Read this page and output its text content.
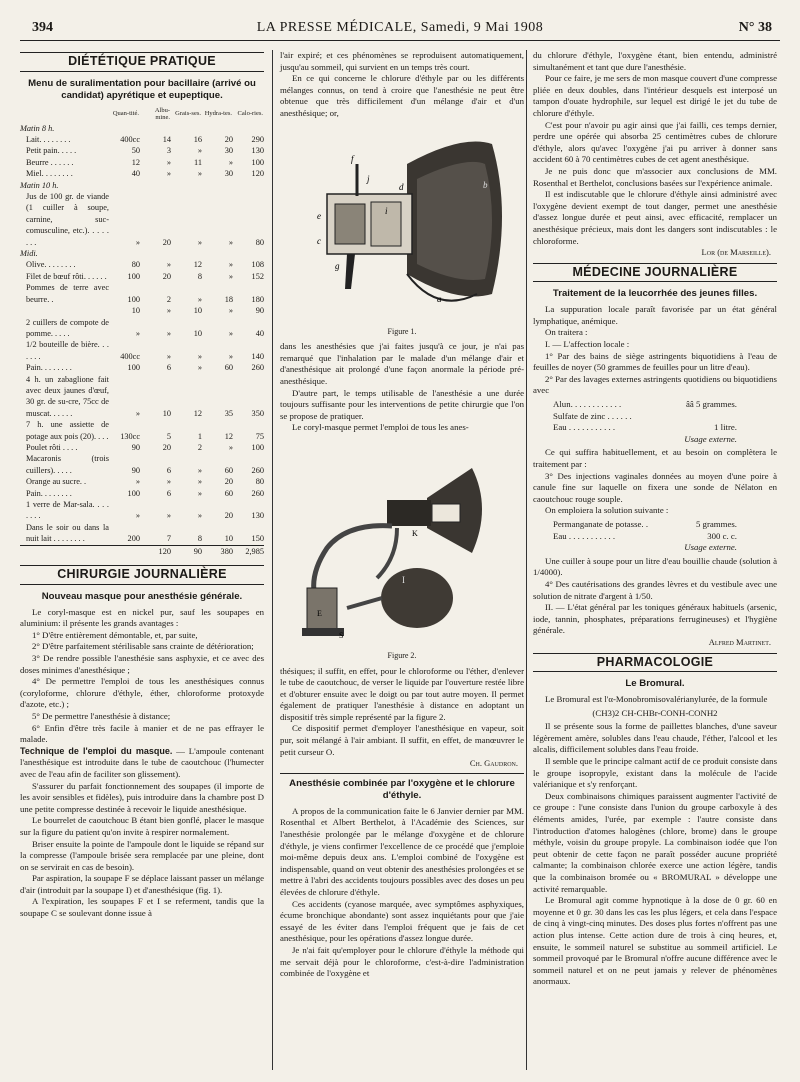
394	LA PRESSE MÉDICALE, Samedi, 9 Mai 1908	N° 38
DIÉTÉTIQUE PRATIQUE
Menu de suralimentation pour bacillaire (arrivé ou candidat) apyrétique et eupeptique.
	Quan-tité.	Albu-mine.	Grais-ses.	Hydra-tes.	Calo-ries.
Matin 8 h.					
Lait. . . . . . . .	400cc	14	16	20	290
Petit pain. . . . .	50	3	»	30	130
Beurre . . . . . .	12	»	11	»	100
Miel. . . . . . . .	40	»	»	30	120
Matin 10 h.					
Jus de 100 gr. de viande (1 cuiller à soupe, carnine, suc-comusculine, etc.). . . . . . . .	»	20	»	»	80
Midi.					
Olive. . . . . . . .	80	»	12	»	108
Filet de bœuf rôti. . . . . .	100	20	8	»	152
Pommes de terre avec beurre. .	100	2	»	18	180
	10	»	10	»	90
2 cuillers de compote de pomme. . . . .	»	»	10	»	40
1/2 bouteille de bière. . . . . . .	400cc	»	»	»	140
Pain. . . . . . . .	100	6	»	60	260
4 h. un zabaglione fait avec deux jaunes d'œuf, 30 gr. de su-cre, 75cc de muscat. . . . . .	»	10	12	35	350
7 h. une assiette de potage aux pois (20). . . .	130cc	5	1	12	75
Poulet rôti . . . .	90	20	2	»	100
Macaronis (trois cuillers). . . . .	90	6	»	60	260
Orange au sucre. .	»	»	»	20	80
Pain. . . . . . . .	100	6	»	60	260
1 verre de Mar-sala. . . . . . . .	»	»	»	20	130
Dans le soir ou dans la nuit lait . . . . . . . .	200	7	8	10	150
		120	90	380	2,985
CHIRURGIE JOURNALIÈRE
Nouveau masque pour anesthésie générale.

Le coryl-masque est en nickel pur, sauf les soupapes en aluminium: il présente les grands avantages :

1° D'être entièrement démontable, et, par suite,

2° D'être parfaitement stérilisable sans crainte de détérioration;

3° De rendre possible l'anesthésie sans asphyxie, et ce avec des doses minimes d'anesthésique ;

4° De permettre l'emploi de tous les anesthésiques connus (coryloforme, chlorure d'éthyle, éther, chloroforme protoxyde d'azote, etc.) ;

5° De permettre l'anesthésie à distance;

6° Enfin d'être très facile à manier et de ne pas effrayer le malade.

Technique de l'emploi du masque. — L'ampoule contenant l'anesthésique est introduite dans le tube de caoutchouc (l'humecter avec de l'eau afin de faciliter son glissement).

S'assurer du parfait fonctionnement des soupapes (il importe de les avoir sensibles et fidèles), puis introduire dans la chambre post D une petite compresse destinée à recevoir le liquide anesthésique.

Le bourrelet de caoutchouc B étant bien gonflé, placer le masque sur la figure du patient qu'on invite à respirer normalement.

Briser ensuite la pointe de l'ampoule dont le liquide se répand sur la compresse (l'ampoule brisée sera remplacée par une pleine, dont on se servirait en cas de besoin).

Par aspiration, la soupape F se déplace laissant passer un mélange d'air (introduit par la soupape I) et d'anesthésique (fig. 1).

A l'expiration, les soupapes F et I se referment, tandis que la soupape C se soulevant donne issue à

l'air expiré; et ces phénomènes se reproduisent automatiquement, jusqu'au sommeil, qui survient en un temps très court.

En ce qui concerne le chlorure d'éthyle par ou les différents mélanges connus, on tend à croire que l'anesthésie ne peut être obtenue que très difficilement d'un mélange d'air et d'un anesthésique; or,

f
j
e
c
i
b
d
g
a
Figure 1.

dans les anesthésies que j'ai faites jusqu'à ce jour, je n'ai pas remarqué que l'inhalation par le malade d'un mélange d'air et d'anesthésique ait prolongé d'une façon anormale la période pré-anesthésique.

D'autre part, le temps utilisable de l'anesthésie a une durée toujours suffisante pour les interventions de petite chirurgie que l'on se propose de pratiquer.

Le coryl-masque permet l'emploi de tous les anes-

I
E
S
K
Figure 2.

thésiques; il suffit, en effet, pour le chloroforme ou l'éther, d'enlever le tube de caoutchouc, de verser le liquide par l'ouverture restée libre et d'obturer ensuite avec le doigt ou par tout autre moyen. Il permet également de pratiquer l'anesthésie à distance en adoptant un dispositif très simple représenté par la figure 2.

Ce dispositif permet d'employer l'anesthésique en vapeur, soit pur, soit mélangé à l'air ambiant. Il suffit, en effet, de manœuvrer le petit curseur O.

Ch. Gaudron.
Anesthésie combinée par l'oxygène et le chlorure d'éthyle.

A propos de la communication faite le 6 Janvier dernier par MM. Rosenthal et Albert Berthelot, à l'Académie des Sciences, sur l'anesthésie prolongée par le mélange d'oxygène et de chlorure d'éthyle, je viens confirmer l'excellence de ce procédé que j'emploie moi-même depuis deux ans. L'emploi combiné de l'oxygène est indispensable, quand on veut obtenir des anesthésies prolongées et se mettre à l'abri des accidents toujours possibles avec des doses un peu élevées de chlorure d'éthyle.

Ces accidents (cyanose marquée, avec symptômes asphyxiques, écume bronchique abondante) sont assez inquiétants pour que j'aie essayé de les éviter dans l'emploi fréquent que je fais de cet anesthésique, pour les opérations d'assez longue durée.

Je n'ai fait qu'employer pour le chlorure d'éthyle la méthode qui me servait déjà pour le chloroforme, c'est-à-dire l'administration combinée de l'oxygène et

du chlorure d'éthyle, l'oxygène étant, bien entendu, administré simultanément et tant que dure l'anesthésie.

Pour ce faire, je me sers de mon masque couvert d'une compresse pliée en deux doubles, dans l'intérieur desquels est interposé un tampon d'ouate hydrophile, sur lequel est dirigé le jet du tube de chlorure d'éthyle.

C'est pour n'avoir pu agir ainsi que j'ai failli, ces temps dernier, perdre une opérée qui absorba 25 centimètres cubes de chlorure d'éthyle, alors qu'avec l'oxygène j'ai pu arriver à donner sans accident 60 à 70 centimètres cubes de cet agent anesthésique.

Je ne puis donc que m'associer aux conclusions de MM. Rosenthal et Berthelot, conclusions basées sur l'expérience animale.

Il est indiscutable que le chlorure d'éthyle ainsi administré avec l'oxygène devient exempt de tout danger, permet une anesthésie d'assez longue durée et peut ainsi, avec efficacité, remplacer un anesthésique précieux, mais dont les dangers sont indiscutables : le chloroforme.

Lor (de Marseille).
MÉDECINE JOURNALIÈRE
Traitement de la leucorrhée des jeunes filles.

La suppuration locale paraît favorisée par un état général lymphatique, anémique.

On traitera :

I. — L'affection locale :

1° Par des bains de siège astringents biquotidiens à l'eau de feuilles de noyer (50 grammes de feuilles pour un litre d'eau).

2° Par des lavages externes astringents quotidiens ou biquotidiens avec

Alun. . . . . . . . . . . .	ââ 5 grammes.
Sulfate de zinc . . . . . .
Eau . . . . . . . . . . .	1 litre.
Usage externe.

Ce qui suffira habituellement, et au besoin on complètera le traitement par :

3° Des injections vaginales données au moyen d'une poire à canule fine sur laquelle on fixera une sonde de Nélaton en caoutchouc rouge souple.

On emploiera la solution suivante :

Permanganate de potasse. .	5 grammes.
Eau . . . . . . . . . . .	300 c. c.
Usage externe.

Une cuiller à soupe pour un litre d'eau bouillie chaude (solution à 1/4000).

4° Des cautérisations des grandes lèvres et du vestibule avec une solution de nitrate d'argent à 1/50.

II. — L'état général par les toniques généraux habituels (arsenic, iode, tannin, phosphates, préparations ferrugineuses) et l'hygiène générale.

Alfred Martinet.
PHARMACOLOGIE
Le Bromural.

Le Bromural est l'α-Monobromisovalérianylurée, de la formule

(CH3)2 CH-CHBr-CONH-CONH2

Il se présente sous la forme de paillettes blanches, d'une saveur légèrement amère, solubles dans l'eau chaude, l'éther, l'alcool et les alcalis, difficilement solubles dans l'eau froide.

Il semble que le principe calmant actif de ce produit consiste dans le groupe isopropyle, existant dans la molécule de l'acide valérianique et s'y renforçant.

Deux combinaisons chimiques paraissent augmenter l'activité de ce groupe : l'une consiste dans l'union du groupe carboxyle à des éléments amides, l'urée, par exemple : l'autre consiste dans l'introduction d'atomes halogènes (chlore, brome) dans le groupe méthyle, voisin du groupe propyle. La combinaison iodée que l'on peut obtenir de cette façon ne paraît posséder aucune propriété calmante; la combinaison chlorée exerce une action légère, tandis que la combinaison bromée ou « BROMURAL » développe une activité remarquable.

Le Bromural agit comme hypnotique à la dose de 0 gr. 60 en moyenne et 0 gr. 30 dans les cas les plus légers, et cela dans l'espace de cinq à vingt-cinq minutes. Des doses plus fortes n'offrent pas une action plus intense. Cette action dure de trois à cinq heures, et, ensuite, le sommeil naturel se substitue au sommeil artificiel. Le sommeil provoqué par le Bromural n'offre aucune différence avec le sommeil naturel et on ne peut jamais y relever de phénomènes anormaux.
